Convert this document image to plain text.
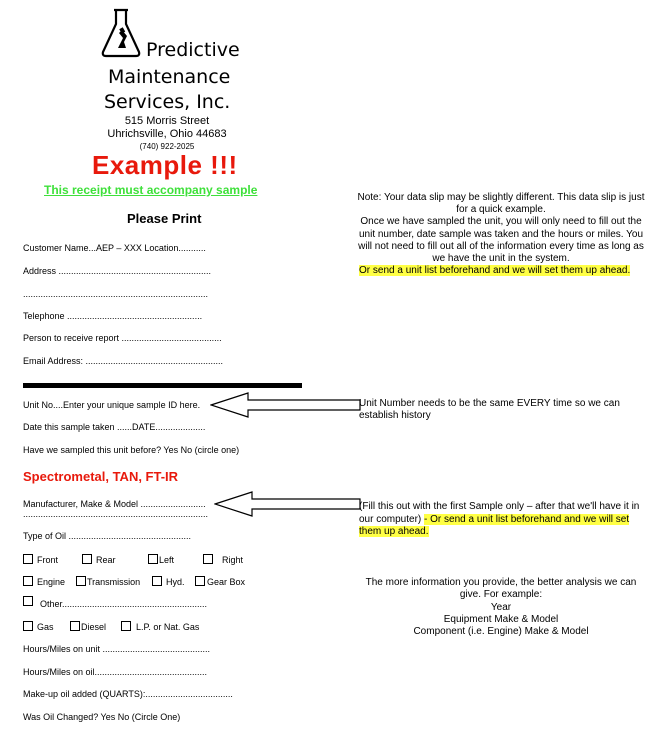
Predictive
Maintenance
Services, Inc.
515 Morris Street
Uhrichsville, Ohio 44683
(740) 922-2025
Example !!!
This receipt must accompany sample
Please Print
Customer Name...AEP – XXX Location...........
Address .............................................................
..........................................................................
Telephone ......................................................
Person to receive report ........................................
Email Address: .......................................................
Unit No....Enter your unique sample ID here.
Date this sample taken ......DATE....................
Have we sampled this unit before? Yes No (circle one)
Spectrometal, TAN, FT-IR
Manufacturer, Make & Model ..........................
..........................................................................
Type of Oil .................................................
Front	Rear	Left	Right
Engine	Transmission	Hyd.	Gear Box
Other..........................................................
Gas	Diesel	L.P. or Nat. Gas
Hours/Miles on unit ...........................................
Hours/Miles on oil.............................................
Make-up oil added (QUARTS):...................................
Was Oil Changed? Yes No (Circle One)
Note: Your data slip may be slightly different. This data slip is just for a quick example.
Once we have sampled the unit, you will only need to fill out the unit number, date sample was taken and the hours or miles. You will not need to fill out all of the information every time as long as we have the unit in the system.
Or send a unit list beforehand and we will set them up ahead.
Unit Number needs to be the same EVERY time so we can establish history
(Fill this out with the first Sample only – after that we'll have it in our computer) - Or send a unit list beforehand and we will set them up ahead.
The more information you provide, the better analysis we can give. For example:
Year
Equipment Make & Model
Component (i.e. Engine) Make & Model
